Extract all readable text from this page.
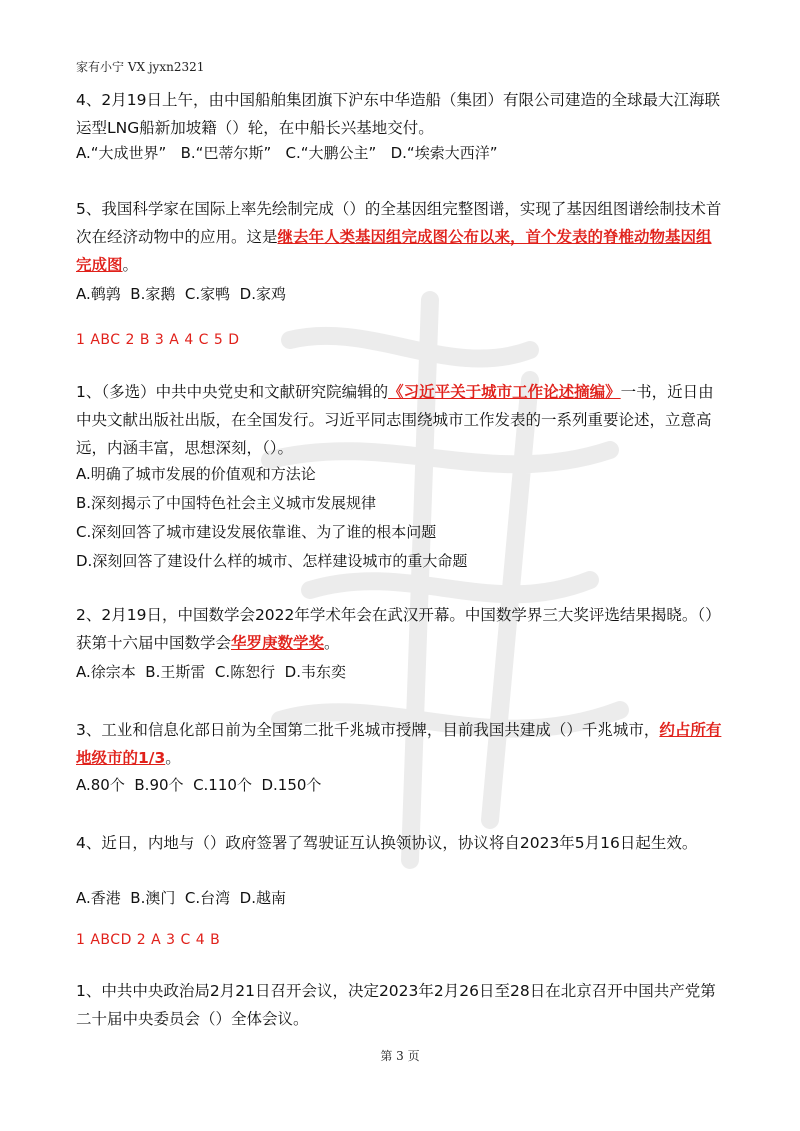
家有小宁 VX jyxn2321
4、2月19日上午，由中国船舶集团旗下沪东中华造船（集团）有限公司建造的全球最大江海联运型LNG船新加坡籍（）轮，在中船长兴基地交付。
A.“大成世界”   B.“巴蒂尔斯”   C.“大鹏公主”   D.“埃索大西洋”
5、我国科学家在国际上率先绘制完成（）的全基因组完整图谱，实现了基因组图谱绘制技术首次在经济动物中的应用。这是继去年人类基因组完成图公布以来，首个发表的脊椎动物基因组完成图。
A.鹌鹑  B.家鹅  C.家鸭  D.家鸡
1 ABC 2 B 3 A 4 C 5 D
1、（多选）中共中央党史和文献研究院编辑的《习近平关于城市工作论述摘编》一书，近日由中央文献出版社出版，在全国发行。习近平同志围绕城市工作发表的一系列重要论述，立意高远，内涵丰富，思想深刻，（）。
A.明确了城市发展的价值观和方法论
B.深刻揭示了中国特色社会主义城市发展规律
C.深刻回答了城市建设发展依靠谁、为了谁的根本问题
D.深刻回答了建设什么样的城市、怎样建设城市的重大命题
2、2月19日，中国数学会2022年学术年会在武汉开幕。中国数学界三大奖评选结果揭晓。（）获第十六届中国数学会华罗庚数学奖。
A.徐宗本  B.王斯雷  C.陈恕行  D.韦东奕
3、工业和信息化部日前为全国第二批千兆城市授牌，目前我国共建成（）千兆城市，约占所有地级市的1/3。
A.80个  B.90个  C.110个  D.150个
4、近日，内地与（）政府签署了驾驶证互认换领协议，协议将自2023年5月16日起生效。
A.香港  B.澳门  C.台湾  D.越南
1 ABCD 2 A 3 C 4 B
1、中共中央政治局2月21日召开会议，决定2023年2月26日至28日在北京召开中国共产党第二十届中央委员会（）全体会议。
第 3 页
